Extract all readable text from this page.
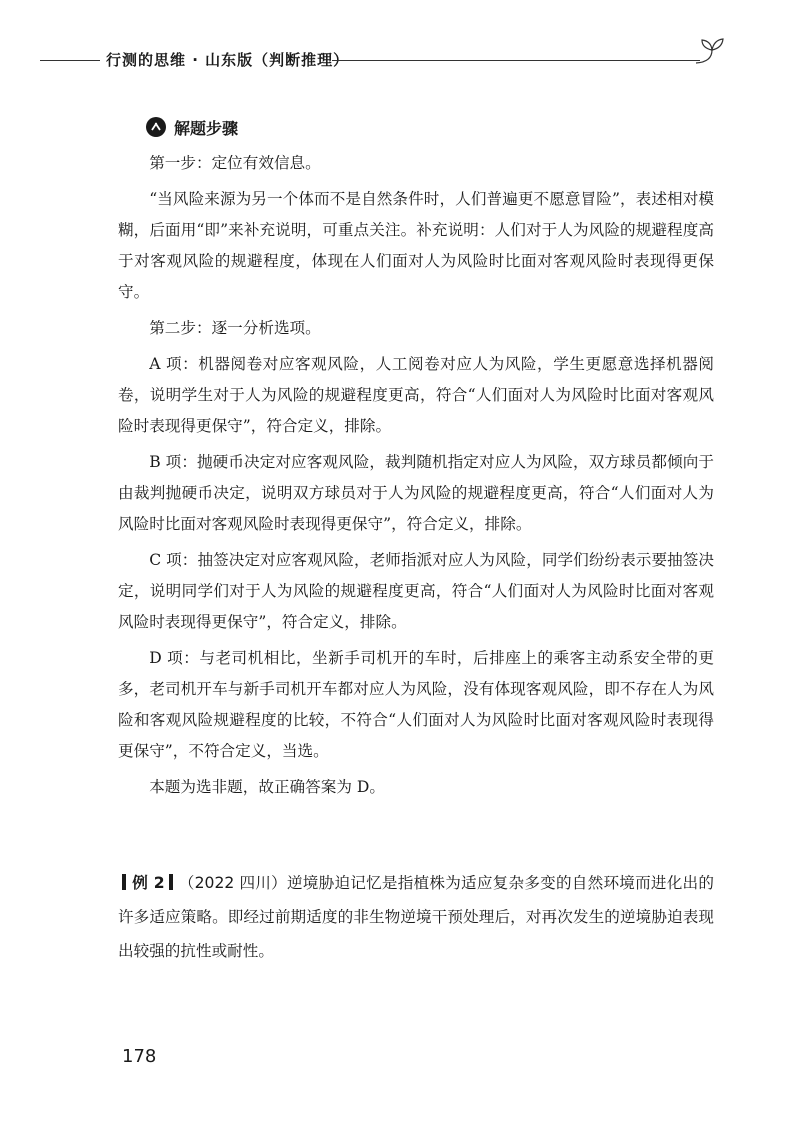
行测的思维 · 山东版（判断推理）
解题步骤

第一步：定位有效信息。

“当风险来源为另一个体而不是自然条件时，人们普遍更不愿意冒险”，表述相对模糊，后面用“即”来补充说明，可重点关注。补充说明：人们对于人为风险的规避程度高于对客观风险的规避程度，体现在人们面对人为风险时比面对客观风险时表现得更保守。

第二步：逐一分析选项。

A 项：机器阅卷对应客观风险，人工阅卷对应人为风险，学生更愿意选择机器阅卷，说明学生对于人为风险的规避程度更高，符合“人们面对人为风险时比面对客观风险时表现得更保守”，符合定义，排除。

B 项：抛硬币决定对应客观风险，裁判随机指定对应人为风险，双方球员都倾向于由裁判抛硬币决定，说明双方球员对于人为风险的规避程度更高，符合“人们面对人为风险时比面对客观风险时表现得更保守”，符合定义，排除。

C 项：抽签决定对应客观风险，老师指派对应人为风险，同学们纷纷表示要抽签决定，说明同学们对于人为风险的规避程度更高，符合“人们面对人为风险时比面对客观风险时表现得更保守”，符合定义，排除。

D 项：与老司机相比，坐新手司机开的车时，后排座上的乘客主动系安全带的更多，老司机开车与新手司机开车都对应人为风险，没有体现客观风险，即不存在人为风险和客观风险规避程度的比较，不符合“人们面对人为风险时比面对客观风险时表现得更保守”，不符合定义，当选。

本题为选非题，故正确答案为 D。

例 2 （2022 四川）逆境胁迫记忆是指植株为适应复杂多变的自然环境而进化出的许多适应策略。即经过前期适度的非生物逆境干预处理后，对再次发生的逆境胁迫表现出较强的抗性或耐性。
178
